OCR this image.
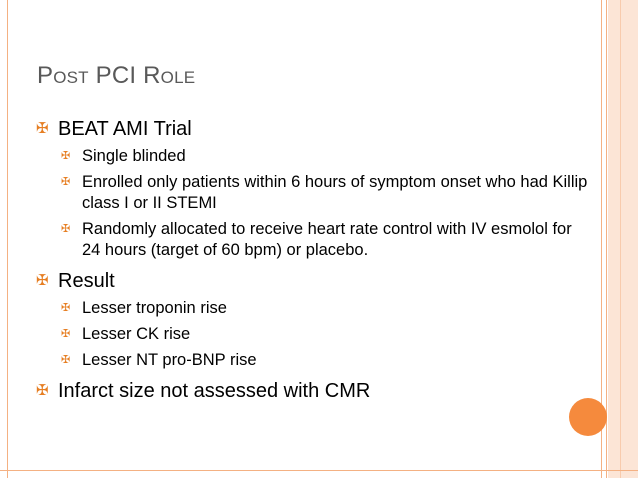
POST PCI ROLE
✠ BEAT AMI Trial
✠ Single blinded
✠ Enrolled only patients within 6 hours of symptom onset who had Killip class I or II STEMI
✠ Randomly allocated to receive heart rate control with IV esmolol for 24 hours (target of 60 bpm) or placebo.
✠ Result
✠ Lesser troponin rise
✠ Lesser CK rise
✠ Lesser NT pro-BNP rise
✠ Infarct size not assessed with CMR
